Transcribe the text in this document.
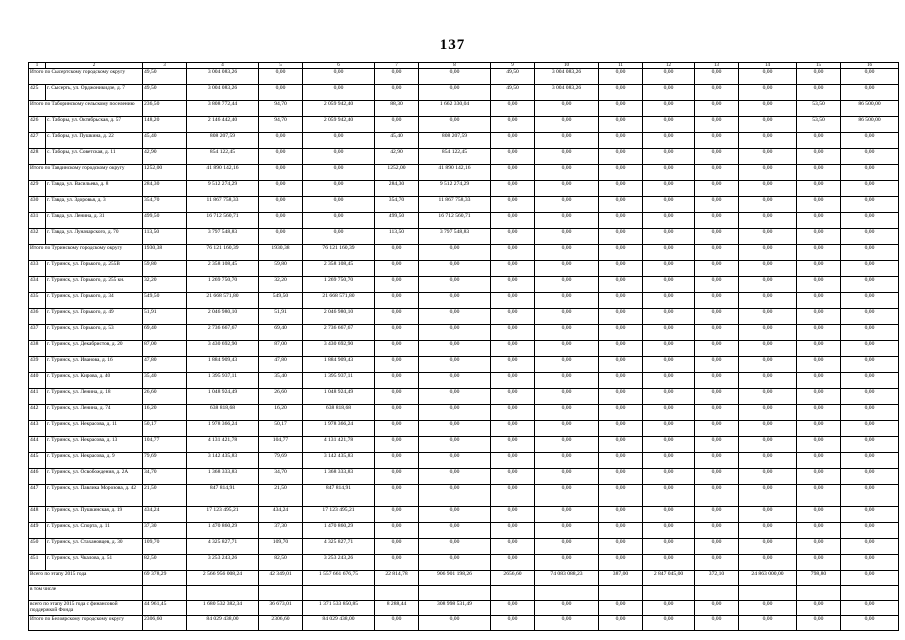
137
1	2	3	4	5	6	7	8	9	10	11	12	13	14	15	16
Итого по Сысертскому городскому округу		49,50	3 004 083,26	0,00	0,00	0,00	0,00	49,50	3 004 083,26	0,00	0,00	0,00	0,00	0,00	0,00
425	г. Сысерть, ул. Орджоникидзе, д. 7	49,50	3 004 083,26	0,00	0,00	0,00	0,00	49,50	3 004 083,26	0,00	0,00	0,00	0,00	0,00	0,00
Итого по Таборинскому сельскому поселению		236,50	3 808 772,44	94,70	2 059 942,40	88,30	1 662 330,04	0,00	0,00	0,00	0,00	0,00	0,00	53,50	86 500,00
426	с. Таборы, ул. Октябрьская, д. 57	148,20	2 146 442,40	94,70	2 059 942,40	0,00	0,00	0,00	0,00	0,00	0,00	0,00	0,00	53,50	86 500,00
427	с. Таборы, ул. Пушкина, д. 22	45,40	808 207,59	0,00	0,00	45,40	808 207,59	0,00	0,00	0,00	0,00	0,00	0,00	0,00	0,00
428	с. Таборы, ул. Советская, д. 11	42,90	854 122,45	0,00	0,00	42,90	854 122,45	0,00	0,00	0,00	0,00	0,00	0,00	0,00	0,00
Итого по Тавдинскому городскому округу		1252,00	41 890 142,16	0,00	0,00	1252,00	41 890 142,16	0,00	0,00	0,00	0,00	0,00	0,00	0,00	0,00
429	г. Тавда, ул. Васильева, д. 8	284,30	9 512 274,29	0,00	0,00	284,30	9 512 274,29	0,00	0,00	0,00	0,00	0,00	0,00	0,00	0,00
430	г. Тавда, ул. Здоровья, д. 3	354,70	11 867 758,33	0,00	0,00	354,70	11 867 758,33	0,00	0,00	0,00	0,00	0,00	0,00	0,00	0,00
431	г. Тавда, ул. Ленина, д. 31	499,50	16 712 560,71	0,00	0,00	499,50	16 712 560,71	0,00	0,00	0,00	0,00	0,00	0,00	0,00	0,00
432	г. Тавда, ул. Луначарского, д. 70	113,50	3 797 548,83	0,00	0,00	113,50	3 797 548,83	0,00	0,00	0,00	0,00	0,00	0,00	0,00	0,00
Итого по Туринскому городскому округу		1930,38	76 121 160,39	1930,38	76 121 160,39	0,00	0,00	0,00	0,00	0,00	0,00	0,00	0,00	0,00	0,00
433	г. Туринск, ул. Горького, д. 255В	59,80	2 358 108,45	59,80	2 358 108,45	0,00	0,00	0,00	0,00	0,00	0,00	0,00	0,00	0,00	0,00
434	г. Туринск, ул. Горького, д. 255 кн.	32,20	1 269 750,70	32,20	1 269 750,70	0,00	0,00	0,00	0,00	0,00	0,00	0,00	0,00	0,00	0,00
435	г. Туринск, ул. Горького, д. 34	549,50	21 668 571,80	549,50	21 668 571,80	0,00	0,00	0,00	0,00	0,00	0,00	0,00	0,00	0,00	0,00
436	г. Туринск, ул. Горького, д. 49	51,91	2 046 980,10	51,91	2 046 980,10	0,00	0,00	0,00	0,00	0,00	0,00	0,00	0,00	0,00	0,00
437	г. Туринск, ул. Горького, д. 53	69,40	2 736 667,67	69,40	2 736 667,67	0,00	0,00	0,00	0,00	0,00	0,00	0,00	0,00	0,00	0,00
438	г. Туринск, ул. Декабристов, д. 20	87,00	3 430 692,90	87,00	3 430 692,90	0,00	0,00	0,00	0,00	0,00	0,00	0,00	0,00	0,00	0,00
439	г. Туринск, ул. Иванова, д. 16	47,80	1 884 909,43	47,80	1 884 909,43	0,00	0,00	0,00	0,00	0,00	0,00	0,00	0,00	0,00	0,00
440	г. Туринск, ул. Кирова, д. 40	35,40	1 395 937,11	35,40	1 395 937,11	0,00	0,00	0,00	0,00	0,00	0,00	0,00	0,00	0,00	0,00
441	г. Туринск, ул. Ленина, д. 18	26,60	1 048 924,49	26,60	1 048 924,49	0,00	0,00	0,00	0,00	0,00	0,00	0,00	0,00	0,00	0,00
442	г. Туринск, ул. Ленина, д. 74	16,20	638 818,68	16,20	638 818,68	0,00	0,00	0,00	0,00	0,00	0,00	0,00	0,00	0,00	0,00
443	г. Туринск, ул. Некрасова, д. 11	50,17	1 978 366,24	50,17	1 978 366,24	0,00	0,00	0,00	0,00	0,00	0,00	0,00	0,00	0,00	0,00
444	г. Туринск, ул. Некрасова, д. 13	104,77	4 131 421,78	104,77	4 131 421,78	0,00	0,00	0,00	0,00	0,00	0,00	0,00	0,00	0,00	0,00
445	г. Туринск, ул. Некрасова, д. 9	79,69	3 142 435,83	79,69	3 142 435,83	0,00	0,00	0,00	0,00	0,00	0,00	0,00	0,00	0,00	0,00
446	г. Туринск, ул. Освобождения, д. 2А	34,70	1 368 333,83	34,70	1 368 333,83	0,00	0,00	0,00	0,00	0,00	0,00	0,00	0,00	0,00	0,00
447	г. Туринск, ул. Павлика Морозова, д. 42	21,50	847 814,91	21,50	847 814,91	0,00	0,00	0,00	0,00	0,00	0,00	0,00	0,00	0,00	0,00
448	г. Туринск, ул. Пушкинская, д. 19	434,24	17 123 495,21	434,24	17 123 495,21	0,00	0,00	0,00	0,00	0,00	0,00	0,00	0,00	0,00	0,00
449	г. Туринск, ул. Спорта, д. 11	37,30	1 470 860,29	37,30	1 470 860,29	0,00	0,00	0,00	0,00	0,00	0,00	0,00	0,00	0,00	0,00
450	г. Туринск, ул. Стахановцев, д. 30	109,70	4 325 827,71	109,70	4 325 827,71	0,00	0,00	0,00	0,00	0,00	0,00	0,00	0,00	0,00	0,00
451	г. Туринск, ул. Чкалова, д. 51	82,50	3 253 243,26	82,50	3 253 243,26	0,00	0,00	0,00	0,00	0,00	0,00	0,00	0,00	0,00	0,00
Всего по этапу 2015 года		69 378,29	2 566 956 008,24	42 349,01	1 557 661 676,75	22 814,78	906 901 198,26	2656,60	74 083 088,23	387,00	2 847 045,00	372,10	24 863 000,00	798,80	0,00
в том числе															
всего по этапу 2015 года с финансовой поддержкой Фонда		44 961,45	1 680 532 382,34	36 673,01	1 371 533 850,85	8 288,44	308 998 531,49	0,00	0,00	0,00	0,00	0,00	0,00	0,00	0,00
Итого по Белоярскому городскому округу		2306,60	84 029 438,00	2306,60	84 029 438,00	0,00	0,00	0,00	0,00	0,00	0,00	0,00	0,00	0,00	0,00
